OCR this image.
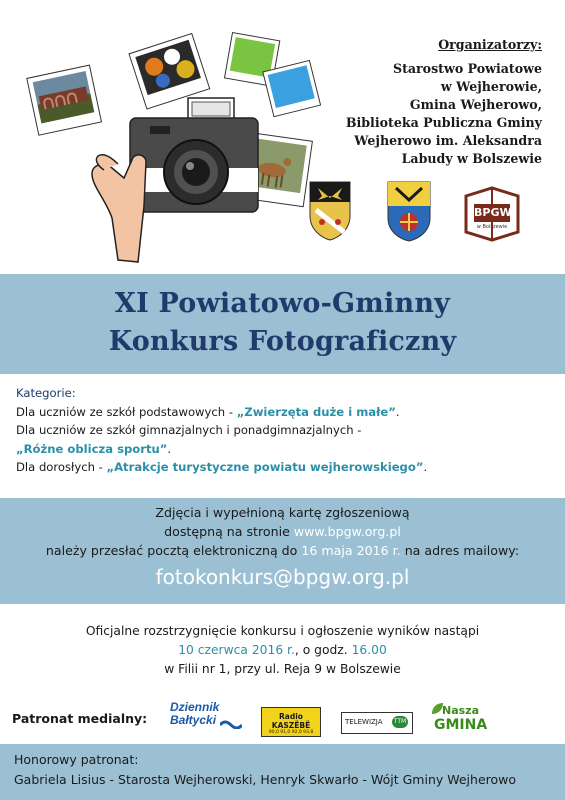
Organizatorzy:
Starostwo Powiatowe
w Wejherowie,
Gmina Wejherowo,
Biblioteka Publiczna Gminy
Wejherowo im. Aleksandra
Labudy w Bolszewie
BPGW
w Bolszewie
XI Powiatowo-Gminny
Konkurs Fotograficzny
Kategorie:
Dla uczniów ze szkół podstawowych - „Zwierzęta duże i małe”.
Dla uczniów ze szkół gimnazjalnych i ponadgimnazjalnych -
„Różne oblicza sportu”.
Dla dorosłych - „Atrakcje turystyczne powiatu wejherowskiego”.
Zdjęcia i wypełnioną kartę zgłoszeniową
dostępną na stronie www.bpgw.org.pl
należy przesłać pocztą elektroniczną do 16 maja 2016 r. na adres mailowy:
fotokonkurs@bpgw.org.pl
Oficjalne rozstrzygnięcie konkursu i ogłoszenie wyników nastąpi
10 czerwca 2016 r., o godz. 16.00
w Filii nr 1, przy ul. Reja 9 w Bolszewie
Patronat medialny:
Dziennik
Bałtycki	Radio KASZËBË
90,0 91,0 92,0 93,8
TELEWIZJA TTM
Nasza
GMINA
Honorowy patronat:
Gabriela Lisius - Starosta Wejherowski, Henryk Skwarło - Wójt Gminy Wejherowo
